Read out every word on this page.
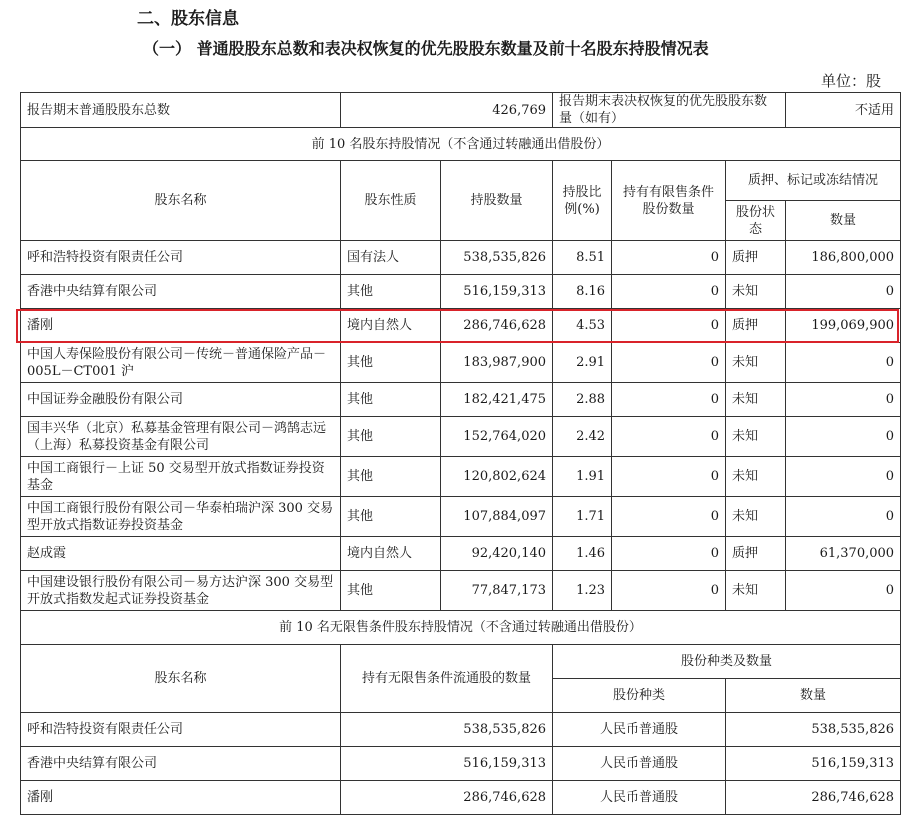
二、股东信息
（一） 普通股股东总数和表决权恢复的优先股股东数量及前十名股东持股情况表
单位：股
报告期末普通股股东总数	426,769		报告期末表决权恢复的优先股股东数量（如有）			不适用
前 10 名股东持股情况（不含通过转融通出借股份）						
股东名称	股东性质	持股数量	持股比例(%)	持有有限售条件股份数量	质押、标记或冻结情况	
					股份状态	数量
呼和浩特投资有限责任公司	国有法人	538,535,826	8.51	0	质押	186,800,000
香港中央结算有限公司	其他	516,159,313	8.16	0	未知	0
潘刚	境内自然人	286,746,628	4.53	0	质押	199,069,900
中国人寿保险股份有限公司－传统－普通保险产品－005L－CT001 沪	其他	183,987,900	2.91	0	未知	0
中国证券金融股份有限公司	其他	182,421,475	2.88	0	未知	0
国丰兴华（北京）私募基金管理有限公司－鸿鹄志远（上海）私募投资基金有限公司	其他	152,764,020	2.42	0	未知	0
中国工商银行－上证 50 交易型开放式指数证券投资基金	其他	120,802,624	1.91	0	未知	0
中国工商银行股份有限公司－华泰柏瑞沪深 300 交易型开放式指数证券投资基金	其他	107,884,097	1.71	0	未知	0
赵成霞	境内自然人	92,420,140	1.46	0	质押	61,370,000
中国建设银行股份有限公司－易方达沪深 300 交易型开放式指数发起式证券投资基金	其他	77,847,173	1.23	0	未知	0
前 10 名无限售条件股东持股情况（不含通过转融通出借股份）						
股东名称	持有无限售条件流通股的数量		股份种类及数量			
			股份种类		数量	
呼和浩特投资有限责任公司	538,535,826		人民币普通股		538,535,826	
香港中央结算有限公司	516,159,313		人民币普通股		516,159,313	
潘刚	286,746,628		人民币普通股		286,746,628	
